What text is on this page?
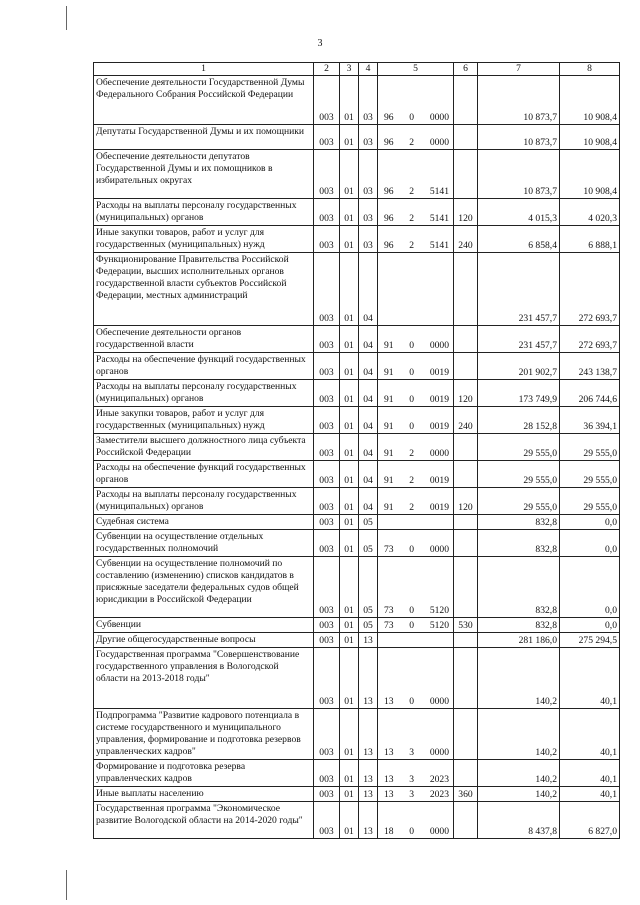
3
1	2	3	4	5	6	7	8
Обеспечение деятельности Государственной Думы Федерального Собрания Российской Федерации	003	01	03	96 0 0000		10 873,7	10 908,4
Депутаты Государственной Думы и их помощники	003	01	03	96 2 0000		10 873,7	10 908,4
Обеспечение деятельности депутатов Государственной Думы и их помощников в избирательных округах	003	01	03	96 2 5141		10 873,7	10 908,4
Расходы на выплаты персоналу государственных (муниципальных) органов	003	01	03	96 2 5141	120	4 015,3	4 020,3
Иные закупки товаров, работ и услуг для государственных (муниципальных) нужд	003	01	03	96 2 5141	240	6 858,4	6 888,1
Функционирование Правительства Российской Федерации, высших исполнительных органов государственной власти субъектов Российской Федерации, местных администраций	003	01	04			231 457,7	272 693,7
Обеспечение деятельности органов государственной власти	003	01	04	91 0 0000		231 457,7	272 693,7
Расходы на обеспечение функций государственных органов	003	01	04	91 0 0019		201 902,7	243 138,7
Расходы на выплаты персоналу государственных (муниципальных) органов	003	01	04	91 0 0019	120	173 749,9	206 744,6
Иные закупки товаров, работ и услуг для государственных (муниципальных) нужд	003	01	04	91 0 0019	240	28 152,8	36 394,1
Заместители высшего должностного лица субъекта Российской Федерации	003	01	04	91 2 0000		29 555,0	29 555,0
Расходы на обеспечение функций государственных органов	003	01	04	91 2 0019		29 555,0	29 555,0
Расходы на выплаты персоналу государственных (муниципальных) органов	003	01	04	91 2 0019	120	29 555,0	29 555,0
Судебная система	003	01	05			832,8	0,0
Субвенции на осуществление отдельных государственных полномочий	003	01	05	73 0 0000		832,8	0,0
Субвенции на осуществление полномочий по составлению (изменению) списков кандидатов в присяжные заседатели федеральных судов общей юрисдикции в Российской Федерации	003	01	05	73 0 5120		832,8	0,0
Субвенции	003	01	05	73 0 5120	530	832,8	0,0
Другие общегосударственные вопросы	003	01	13			281 186,0	275 294,5
Государственная программа "Совершенствование государственного управления в Вологодской области на 2013-2018 годы"	003	01	13	13 0 0000		140,2	40,1
Подпрограмма "Развитие кадрового потенциала в системе государственного и муниципального управления, формирование и подготовка резервов управленческих кадров"	003	01	13	13 3 0000		140,2	40,1
Формирование и подготовка резерва управленческих кадров	003	01	13	13 3 2023		140,2	40,1
Иные выплаты населению	003	01	13	13 3 2023	360	140,2	40,1
Государственная программа "Экономическое развитие Вологодской области на 2014-2020 годы"	003	01	13	18 0 0000		8 437,8	6 827,0
